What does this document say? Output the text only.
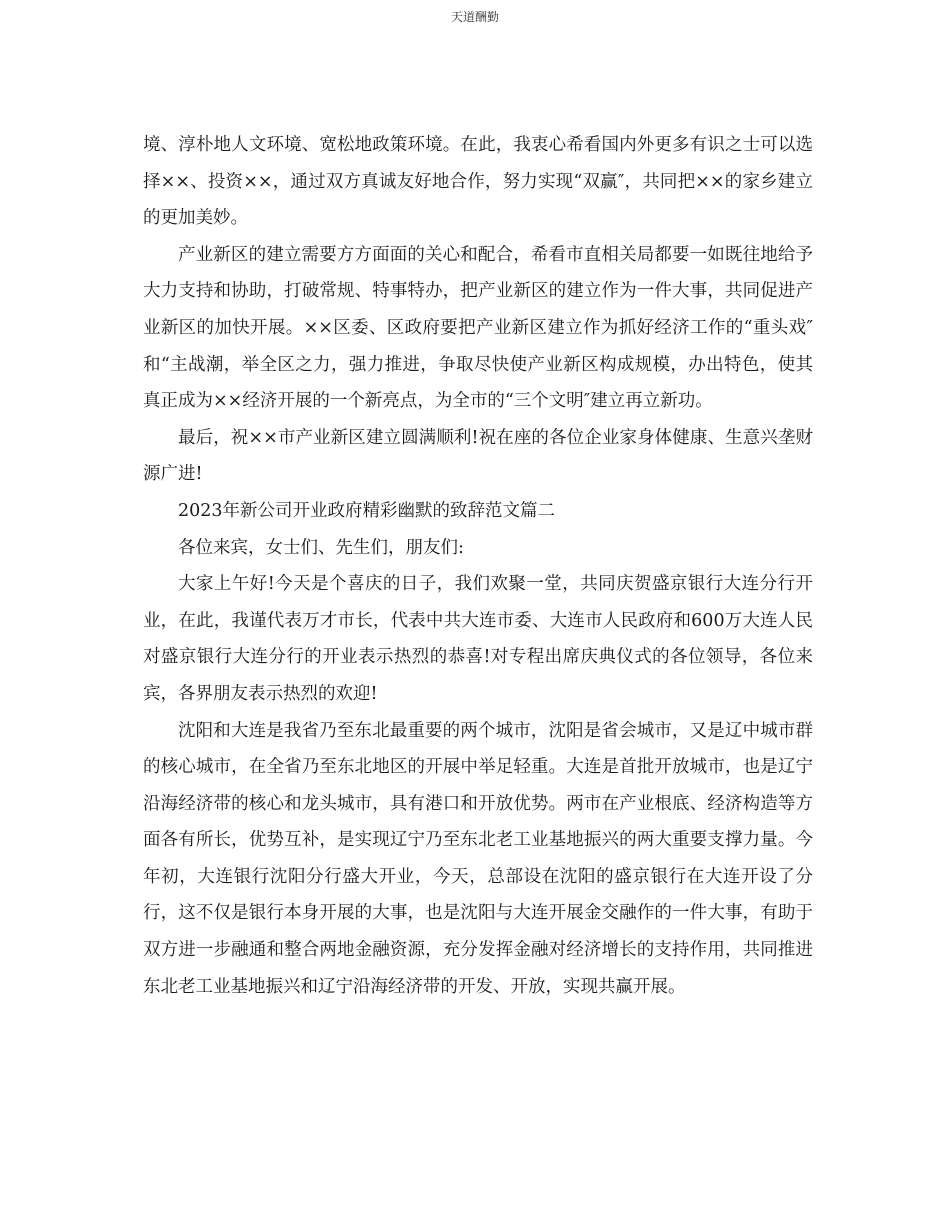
天道酬勤

境、淳朴地人文环境、宽松地政策环境。在此，我衷心希看国内外更多有识之士可以选择××、投资××，通过双方真诚友好地合作，努力实现“双赢″，共同把××的家乡建立的更加美妙。

产业新区的建立需要方方面面的关心和配合，希看市直相关局都要一如既往地给予大力支持和协助，打破常规、特事特办，把产业新区的建立作为一件大事，共同促进产业新区的加快开展。××区委、区政府要把产业新区建立作为抓好经济工作的“重头戏″和“主战潮，举全区之力，强力推进，争取尽快使产业新区构成规模，办出特色，使其真正成为××经济开展的一个新亮点，为全市的“三个文明″建立再立新功。

最后，祝××市产业新区建立圆满顺利!祝在座的各位企业家身体健康、生意兴垄财源广进!

2023年新公司开业政府精彩幽默的致辞范文篇二

各位来宾，女士们、先生们，朋友们:

大家上午好!今天是个喜庆的日子，我们欢聚一堂，共同庆贺盛京银行大连分行开业，在此，我谨代表万才市长，代表中共大连市委、大连市人民政府和600万大连人民对盛京银行大连分行的开业表示热烈的恭喜!对专程出席庆典仪式的各位领导，各位来宾，各界朋友表示热烈的欢迎!

沈阳和大连是我省乃至东北最重要的两个城市，沈阳是省会城市，又是辽中城市群的核心城市，在全省乃至东北地区的开展中举足轻重。大连是首批开放城市，也是辽宁沿海经济带的核心和龙头城市，具有港口和开放优势。两市在产业根底、经济构造等方面各有所长，优势互补，是实现辽宁乃至东北老工业基地振兴的两大重要支撑力量。今年初，大连银行沈阳分行盛大开业，今天，总部设在沈阳的盛京银行在大连开设了分行，这不仅是银行本身开展的大事，也是沈阳与大连开展金交融作的一件大事，有助于双方进一步融通和整合两地金融资源，充分发挥金融对经济增长的支持作用，共同推进东北老工业基地振兴和辽宁沿海经济带的开发、开放，实现共赢开展。
